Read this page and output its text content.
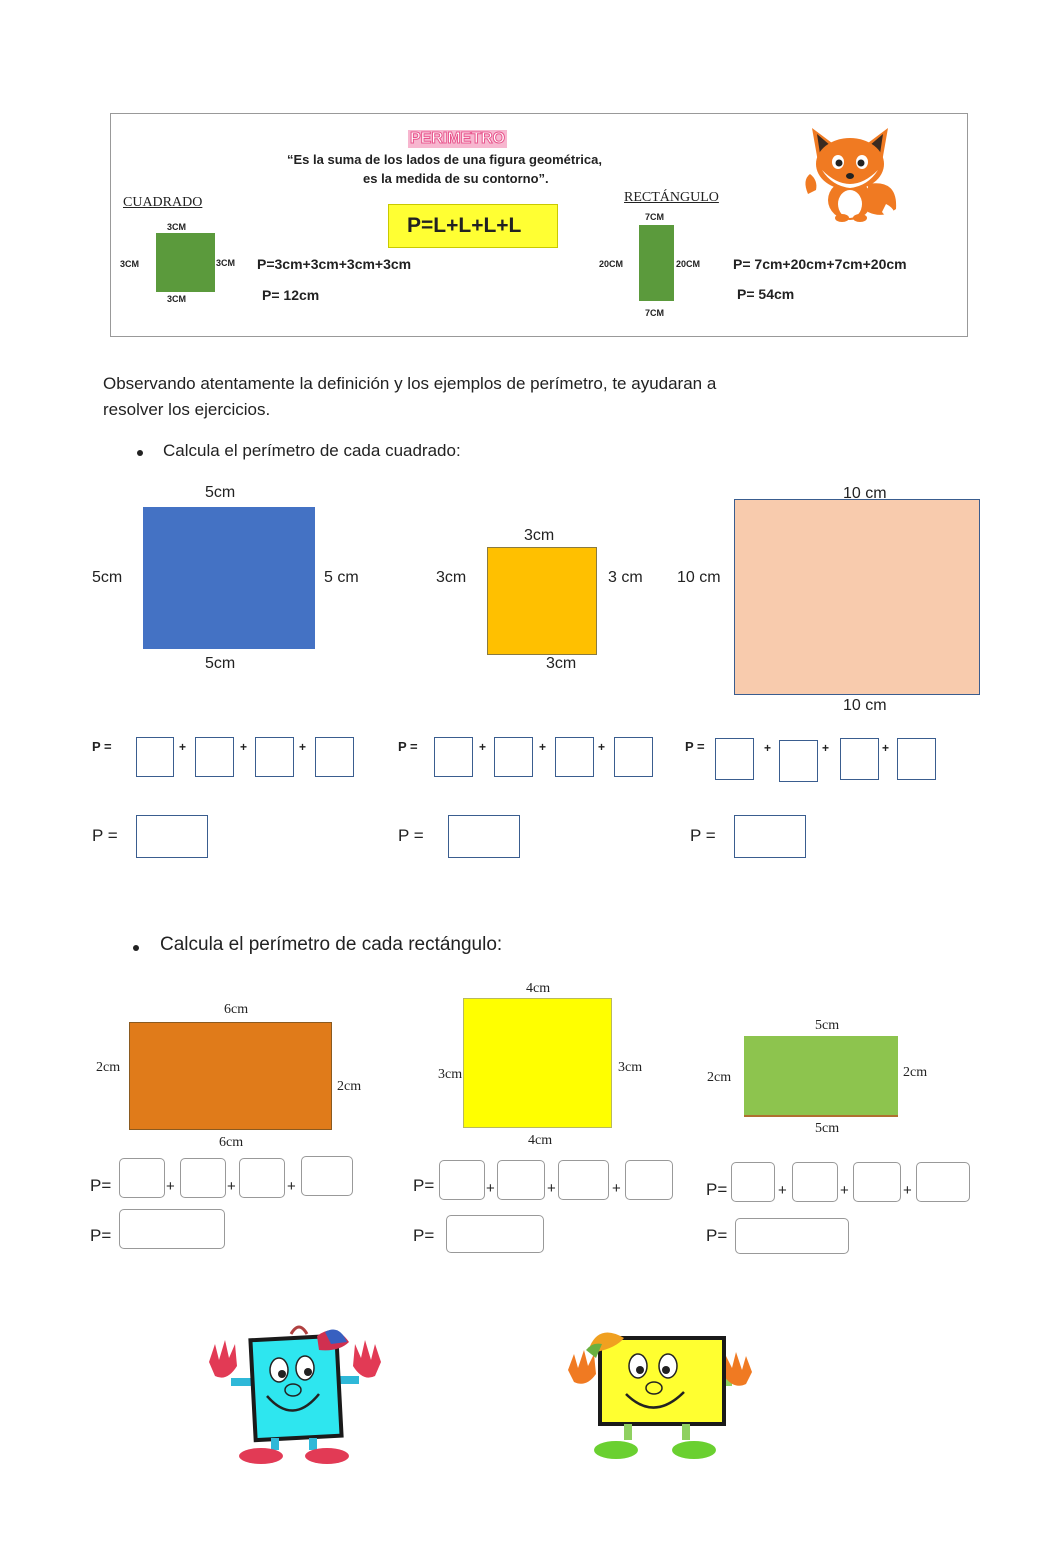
PERIMETRO
“Es la suma de los lados de una figura geométrica,
es la medida de su contorno”.
P=L+L+L+L
CUADRADO
3CM
3CM	3CM
3CM
P=3cm+3cm+3cm+3cm
P= 12cm
RECTÁNGULO
7CM
20CM	20CM
7CM
P= 7cm+20cm+7cm+20cm
P= 54cm
Observando atentamente la definición y los ejemplos de perímetro, te ayudaran a
resolver los ejercicios.
Calcula el perímetro de cada cuadrado:
5cm
5cm	5 cm
5cm
3cm
3cm	3 cm
3cm
10 cm
10 cm
10 cm
P =	+	+	+	P =	+	+	+	P =	+	+	+
P =	P =	P =
Calcula el perímetro de cada rectángulo:
6cm
2cm
2cm
6cm
4cm
3cm	3cm
4cm
5cm
2cm	2cm
5cm
P=	+	+	+	P=	+	+	+	P=	+	+	+
P=	P=	P=
